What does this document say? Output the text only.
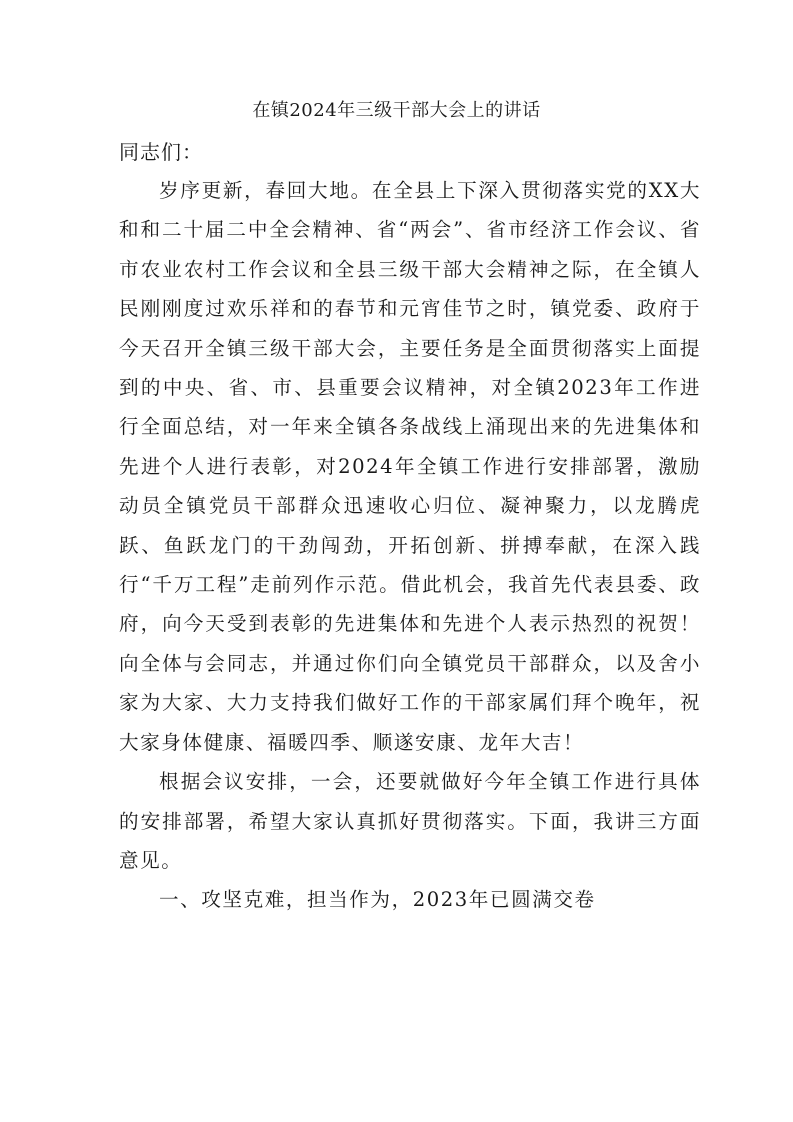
在镇2024年三级干部大会上的讲话
同志们：

岁序更新，春回大地。在全县上下深入贯彻落实党的XX大和和二十届二中全会精神、省“两会”、省市经济工作会议、省市农业农村工作会议和全县三级干部大会精神之际，在全镇人民刚刚度过欢乐祥和的春节和元宵佳节之时，镇党委、政府于今天召开全镇三级干部大会，主要任务是全面贯彻落实上面提到的中央、省、市、县重要会议精神，对全镇2023年工作进行全面总结，对一年来全镇各条战线上涌现出来的先进集体和先进个人进行表彰，对2024年全镇工作进行安排部署，激励动员全镇党员干部群众迅速收心归位、凝神聚力，以龙腾虎跃、鱼跃龙门的干劲闯劲，开拓创新、拼搏奉献，在深入践行“千万工程”走前列作示范。借此机会，我首先代表县委、政府，向今天受到表彰的先进集体和先进个人表示热烈的祝贺！向全体与会同志，并通过你们向全镇党员干部群众，以及舍小家为大家、大力支持我们做好工作的干部家属们拜个晚年，祝大家身体健康、福暖四季、顺遂安康、龙年大吉！

根据会议安排，一会，还要就做好今年全镇工作进行具体的安排部署，希望大家认真抓好贯彻落实。下面，我讲三方面意见。

一、攻坚克难，担当作为，2023年已圆满交卷
